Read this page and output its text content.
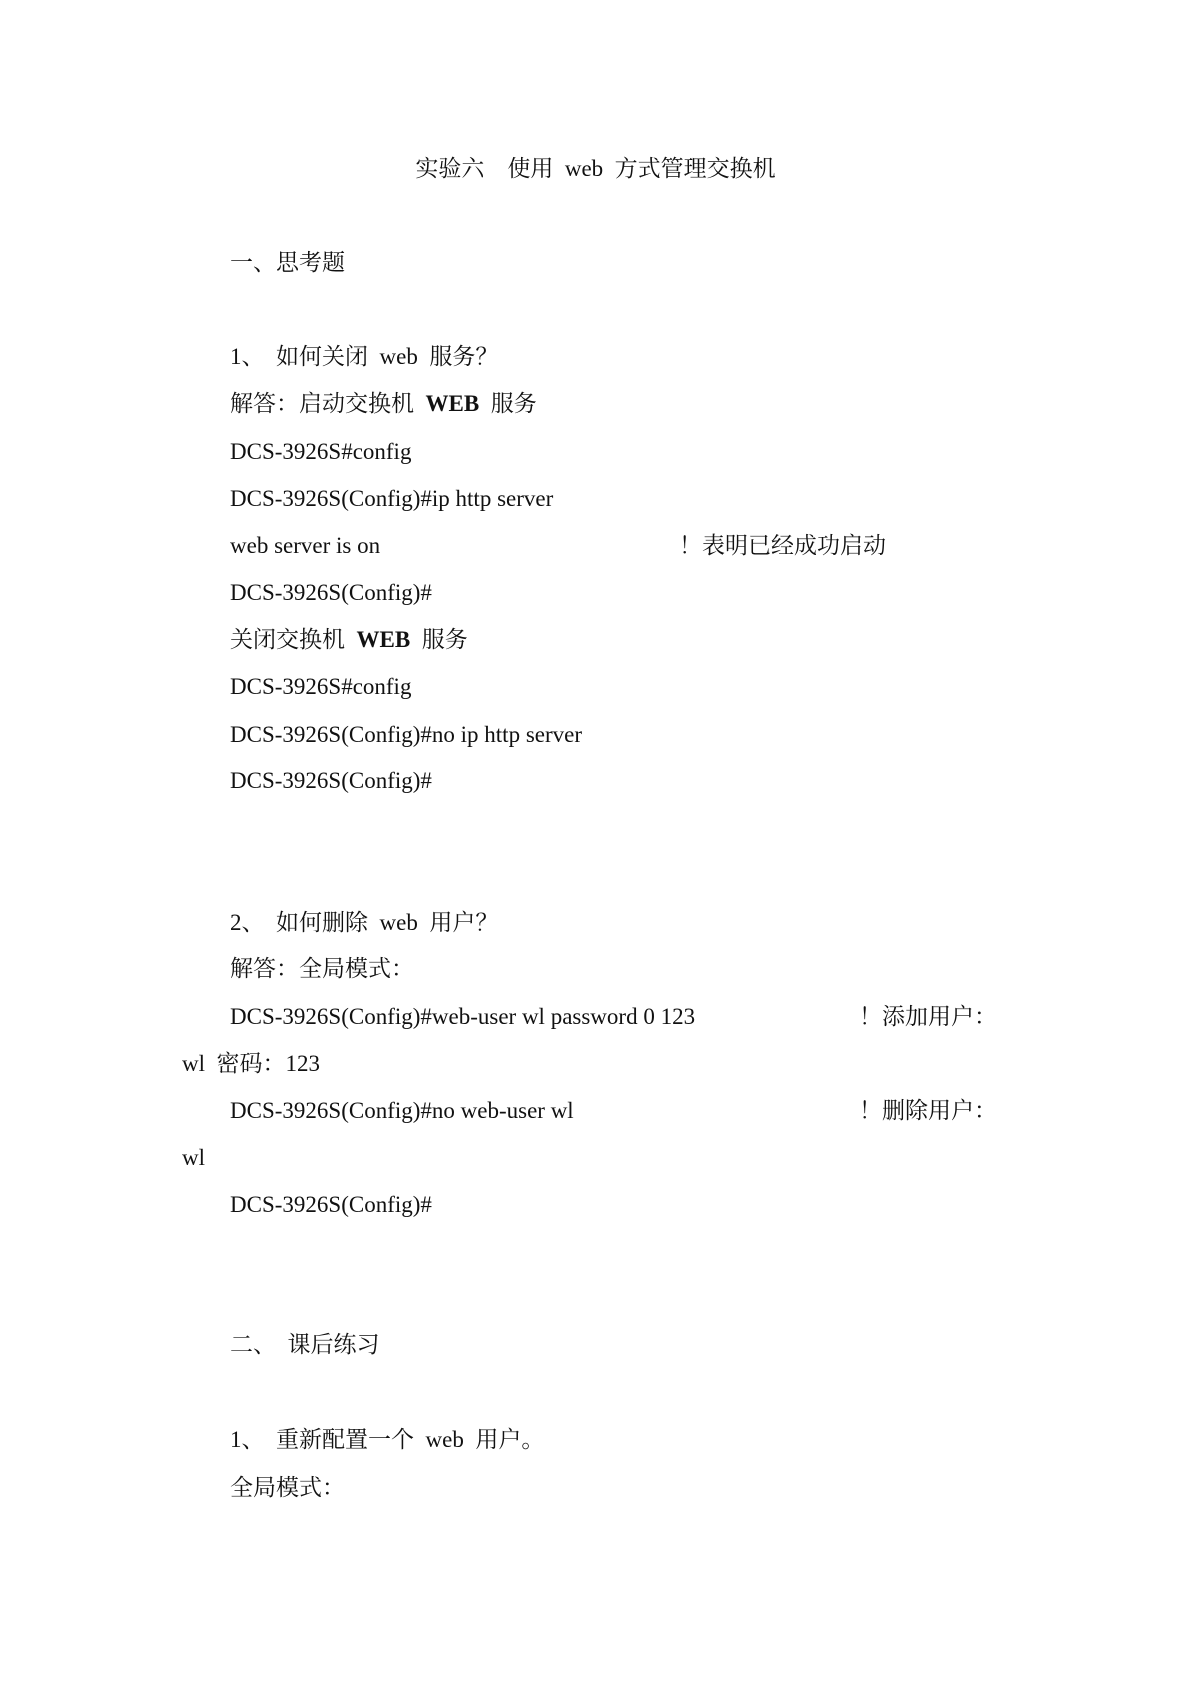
实验六    使用  web  方式管理交换机
一、思考题
1、  如何关闭  web  服务？
解答：启动交换机  WEB  服务
DCS-3926S#config
DCS-3926S(Config)#ip http server
web server is on	！表明已经成功启动
DCS-3926S(Config)#
关闭交换机  WEB  服务
DCS-3926S#config
DCS-3926S(Config)#no ip http server
DCS-3926S(Config)#
2、  如何删除  web  用户？
解答：全局模式：
DCS-3926S(Config)#web-user wl password 0 123	！添加用户：
wl  密码：123
DCS-3926S(Config)#no web-user wl	！删除用户：
wl
DCS-3926S(Config)#
二、  课后练习
1、  重新配置一个  web  用户。
全局模式：
